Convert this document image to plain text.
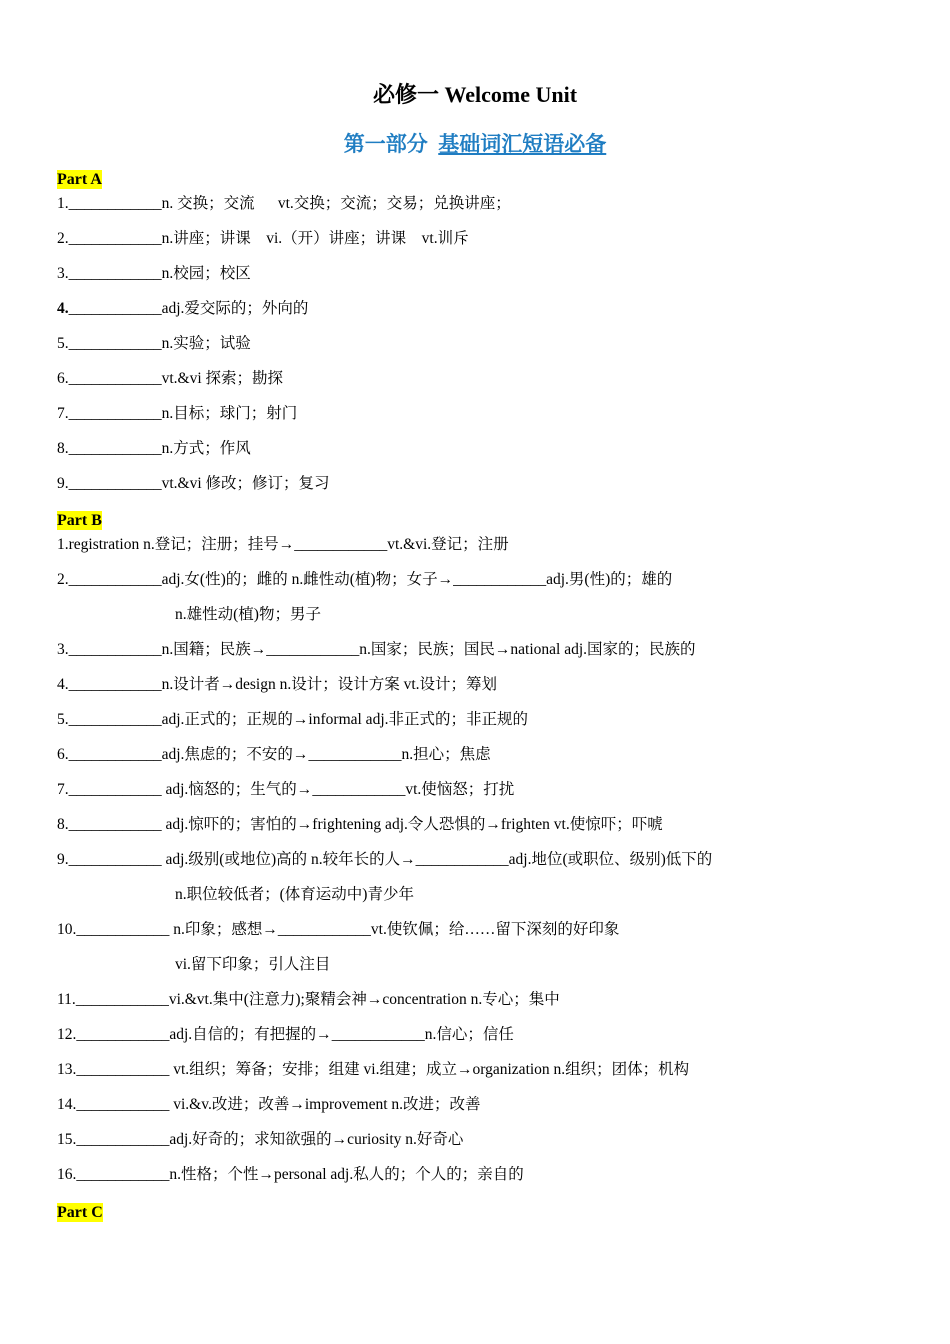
必修一 Welcome Unit
第一部分 基础词汇短语必备
Part A
1.____________n. 交换；交流      vt.交换；交流；交易；兑换讲座；
2.____________n.讲座；讲课    vi.（开）讲座；讲课    vt.训斥
3.____________n.校园；校区
4.____________adj.爱交际的；外向的
5.____________n.实验；试验
6.____________vt.&vi 探索；勘探
7.____________n.目标；球门；射门
8.____________n.方式；作风
9.____________vt.&vi 修改；修订；复习
Part B
1.registration n.登记；注册；挂号→____________vt.&vi.登记；注册
2.____________adj.女(性)的；雌的 n.雌性动(植)物；女子→____________adj.男(性)的；雄的
n.雄性动(植)物；男子
3.____________n.国籍；民族→____________n.国家；民族；国民→national adj.国家的；民族的
4.____________n.设计者→design n.设计；设计方案 vt.设计；筹划
5.____________adj.正式的；正规的→informal adj.非正式的；非正规的
6.____________adj.焦虑的；不安的→____________n.担心；焦虑
7.____________ adj.恼怒的；生气的→____________vt.使恼怒；打扰
8.____________ adj.惊吓的；害怕的→frightening adj.令人恐惧的→frighten vt.使惊吓；吓唬
9.____________ adj.级别(或地位)高的 n.较年长的人→____________adj.地位(或职位、级别)低下的
n.职位较低者；(体育运动中)青少年
10.____________ n.印象；感想→____________vt.使钦佩；给……留下深刻的好印象
vi.留下印象；引人注目
11.____________vi.&vt.集中(注意力);聚精会神→concentration n.专心；集中
12.____________adj.自信的；有把握的→____________n.信心；信任
13.____________ vt.组织；筹备；安排；组建 vi.组建；成立→organization n.组织；团体；机构
14.____________ vi.&v.改进；改善→improvement n.改进；改善
15.____________adj.好奇的；求知欲强的→curiosity n.好奇心
16.____________n.性格；个性→personal adj.私人的；个人的；亲自的
Part C
